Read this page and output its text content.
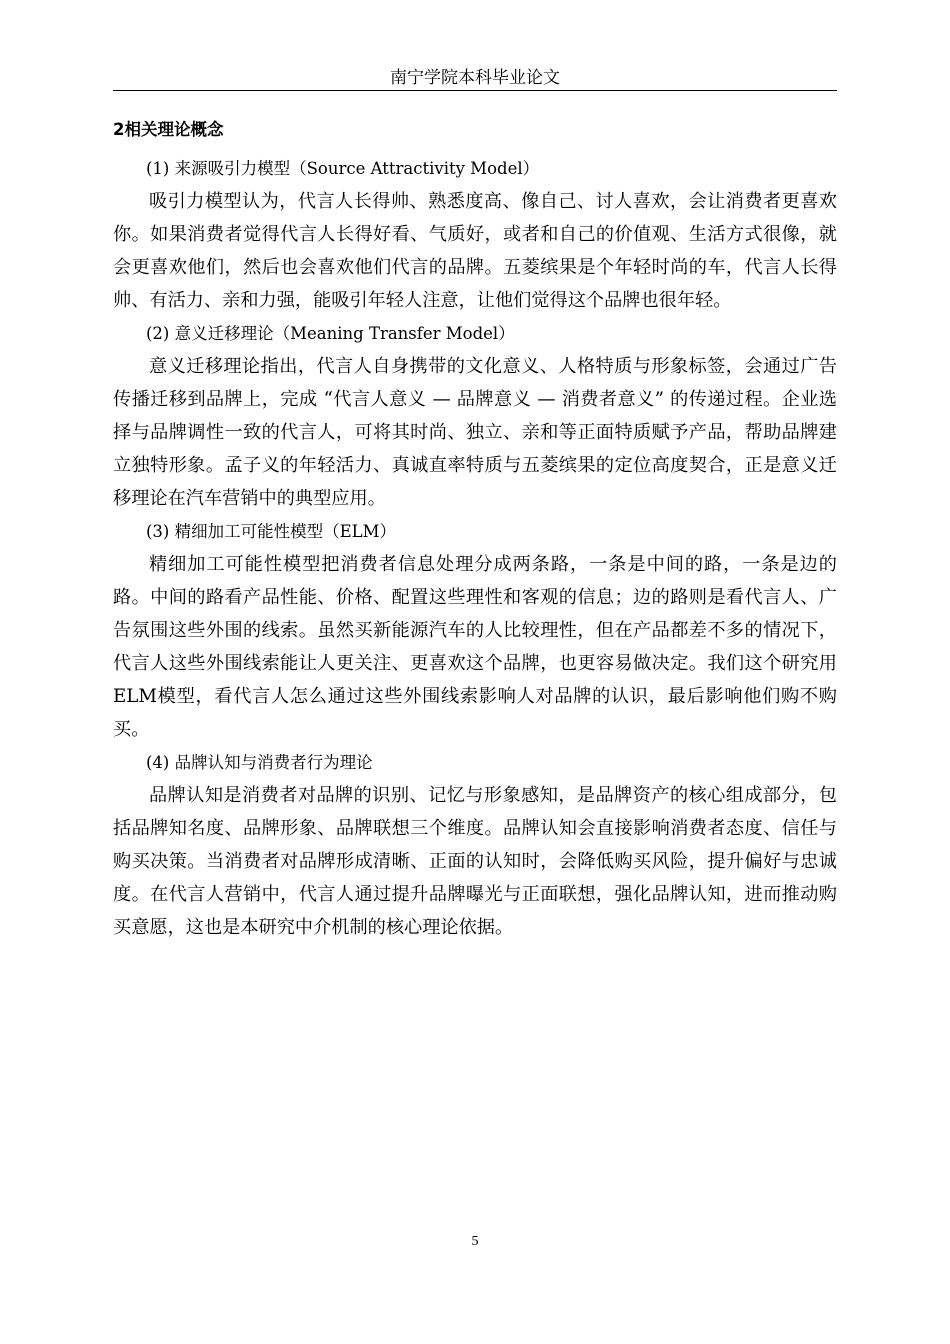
南宁学院本科毕业论文
2相关理论概念

(1) 来源吸引力模型（Source Attractivity Model）

吸引力模型认为，代言人长得帅、熟悉度高、像自己、讨人喜欢，会让消费者更喜欢你。如果消费者觉得代言人长得好看、气质好，或者和自己的价值观、生活方式很像，就会更喜欢他们，然后也会喜欢他们代言的品牌。五菱缤果是个年轻时尚的车，代言人长得帅、有活力、亲和力强，能吸引年轻人注意，让他们觉得这个品牌也很年轻。

(2) 意义迁移理论（Meaning Transfer Model）

意义迁移理论指出，代言人自身携带的文化意义、人格特质与形象标签，会通过广告传播迁移到品牌上，完成 “代言人意义 — 品牌意义 — 消费者意义” 的传递过程。企业选择与品牌调性一致的代言人，可将其时尚、独立、亲和等正面特质赋予产品，帮助品牌建立独特形象。孟子义的年轻活力、真诚直率特质与五菱缤果的定位高度契合，正是意义迁移理论在汽车营销中的典型应用。

(3) 精细加工可能性模型（ELM）

精细加工可能性模型把消费者信息处理分成两条路，一条是中间的路，一条是边的路。中间的路看产品性能、价格、配置这些理性和客观的信息；边的路则是看代言人、广告氛围这些外围的线索。虽然买新能源汽车的人比较理性，但在产品都差不多的情况下，代言人这些外围线索能让人更关注、更喜欢这个品牌，也更容易做决定。我们这个研究用ELM模型，看代言人怎么通过这些外围线索影响人对品牌的认识，最后影响他们购不购买。

(4) 品牌认知与消费者行为理论

品牌认知是消费者对品牌的识别、记忆与形象感知，是品牌资产的核心组成部分，包括品牌知名度、品牌形象、品牌联想三个维度。品牌认知会直接影响消费者态度、信任与购买决策。当消费者对品牌形成清晰、正面的认知时，会降低购买风险，提升偏好与忠诚度。在代言人营销中，代言人通过提升品牌曝光与正面联想，强化品牌认知，进而推动购买意愿，这也是本研究中介机制的核心理论依据。

5
